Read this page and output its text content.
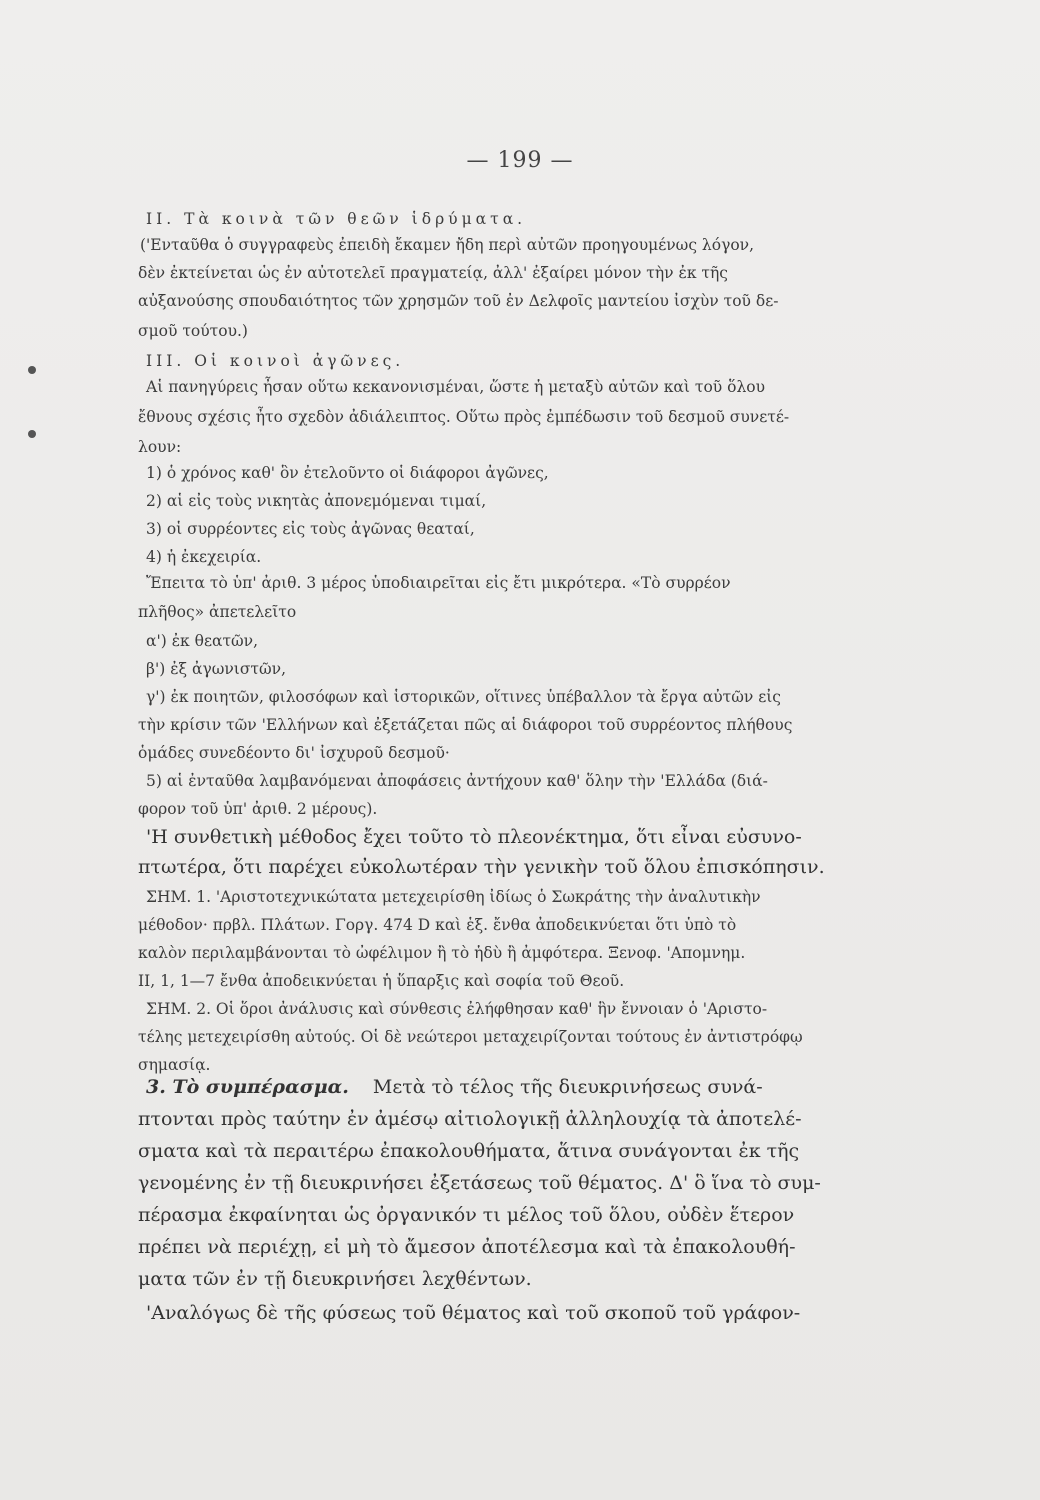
— 199 —
ΙΙ. Τὰ κοινὰ τῶν θεῶν ἱδρύματα.
('Ενταῦθα ὁ συγγραφεὺς ἐπειδὴ ἔκαμεν ἤδη περὶ αὐτῶν προηγουμένως λόγον,
δὲν ἐκτείνεται ὡς ἐν αὐτοτελεῖ πραγματείᾳ, ἀλλ' ἐξαίρει μόνον τὴν ἐκ τῆς
αὐξανούσης σπουδαιότητος τῶν χρησμῶν τοῦ ἐν Δελφοῖς μαντείου ἰσχὺν τοῦ δε-
σμοῦ τούτου.)
ΙΙΙ. Οἱ κοινοὶ ἀγῶνες.
Αἱ πανηγύρεις ἦσαν οὕτω κεκανονισμέναι, ὥστε ἡ μεταξὺ αὐτῶν καὶ τοῦ ὅλου
ἔθνους σχέσις ἦτο σχεδὸν ἀδιάλειπτος. Οὕτω πρὸς ἐμπέδωσιν τοῦ δεσμοῦ συνετέ-
λουν:
1) ὁ χρόνος καθ' ὃν ἐτελοῦντο οἱ διάφοροι ἀγῶνες,
2) αἱ εἰς τοὺς νικητὰς ἀπονεμόμεναι τιμαί,
3) οἱ συρρέοντες εἰς τοὺς ἀγῶνας θεαταί,
4) ἡ ἐκεχειρία.
Ἔπειτα τὸ ὑπ' ἀριθ. 3 μέρος ὑποδιαιρεῖται εἰς ἔτι μικρότερα. «Τὸ συρρέον
πλῆθος» ἀπετελεῖτο
α') ἐκ θεατῶν,
β') ἐξ ἀγωνιστῶν,
γ') ἐκ ποιητῶν, φιλοσόφων καὶ ἱστορικῶν, οἵτινες ὑπέβαλλον τὰ ἔργα αὐτῶν εἰς
τὴν κρίσιν τῶν 'Ελλήνων καὶ ἐξετάζεται πῶς αἱ διάφοροι τοῦ συρρέοντος πλήθους
ὁμάδες συνεδέοντο δι' ἰσχυροῦ δεσμοῦ·
5) αἱ ἐνταῦθα λαμβανόμεναι ἀποφάσεις ἀντήχουν καθ' ὅλην τὴν 'Ελλάδα (διά-
φορον τοῦ ὑπ' ἀριθ. 2 μέρους).
'Η συνθετικὴ μέθοδος ἔχει τοῦτο τὸ πλεονέκτημα, ὅτι εἶναι εὐσυνο-
πτωτέρα, ὅτι παρέχει εὐκολωτέραν τὴν γενικὴν τοῦ ὅλου ἐπισκόπησιν.
ΣΗΜ. 1. 'Αριστοτεχνικώτατα μετεχειρίσθη ἰδίως ὁ Σωκράτης τὴν ἀναλυτικὴν
μέθοδον· πρβλ. Πλάτων. Γοργ. 474 D καὶ ἑξ. ἔνθα ἀποδεικνύεται ὅτι ὑπὸ τὸ
καλὸν περιλαμβάνονται τὸ ὠφέλιμον ἢ τὸ ἡδὺ ἢ ἀμφότερα. Ξενοφ. 'Απομνημ.
II, 1, 1—7 ἔνθα ἀποδεικνύεται ἡ ὕπαρξις καὶ σοφία τοῦ Θεοῦ.
ΣΗΜ. 2. Οἱ ὅροι ἀνάλυσις καὶ σύνθεσις ἐλήφθησαν καθ' ἣν ἔννοιαν ὁ 'Αριστο-
τέλης μετεχειρίσθη αὐτούς. Οἱ δὲ νεώτεροι μεταχειρίζονται τούτους ἐν ἀντιστρόφῳ
σημασίᾳ.
3. Τὸ συμπέρασμα. Μετὰ τὸ τέλος τῆς διευκρινήσεως συνά-
πτονται πρὸς ταύτην ἐν ἀμέσῳ αἰτιολογικῇ ἀλληλουχίᾳ τὰ ἀποτελέ-
σματα καὶ τὰ περαιτέρω ἐπακολουθήματα, ἅτινα συνάγονται ἐκ τῆς
γενομένης ἐν τῇ διευκρινήσει ἐξετάσεως τοῦ θέματος. Δ' ὃ ἵνα τὸ συμ-
πέρασμα ἐκφαίνηται ὡς ὀργανικόν τι μέλος τοῦ ὅλου, οὐδὲν ἕτερον
πρέπει νὰ περιέχῃ, εἰ μὴ τὸ ἄμεσον ἀποτέλεσμα καὶ τὰ ἐπακολουθή-
ματα τῶν ἐν τῇ διευκρινήσει λεχθέντων.
'Αναλόγως δὲ τῆς φύσεως τοῦ θέματος καὶ τοῦ σκοποῦ τοῦ γράφον-
